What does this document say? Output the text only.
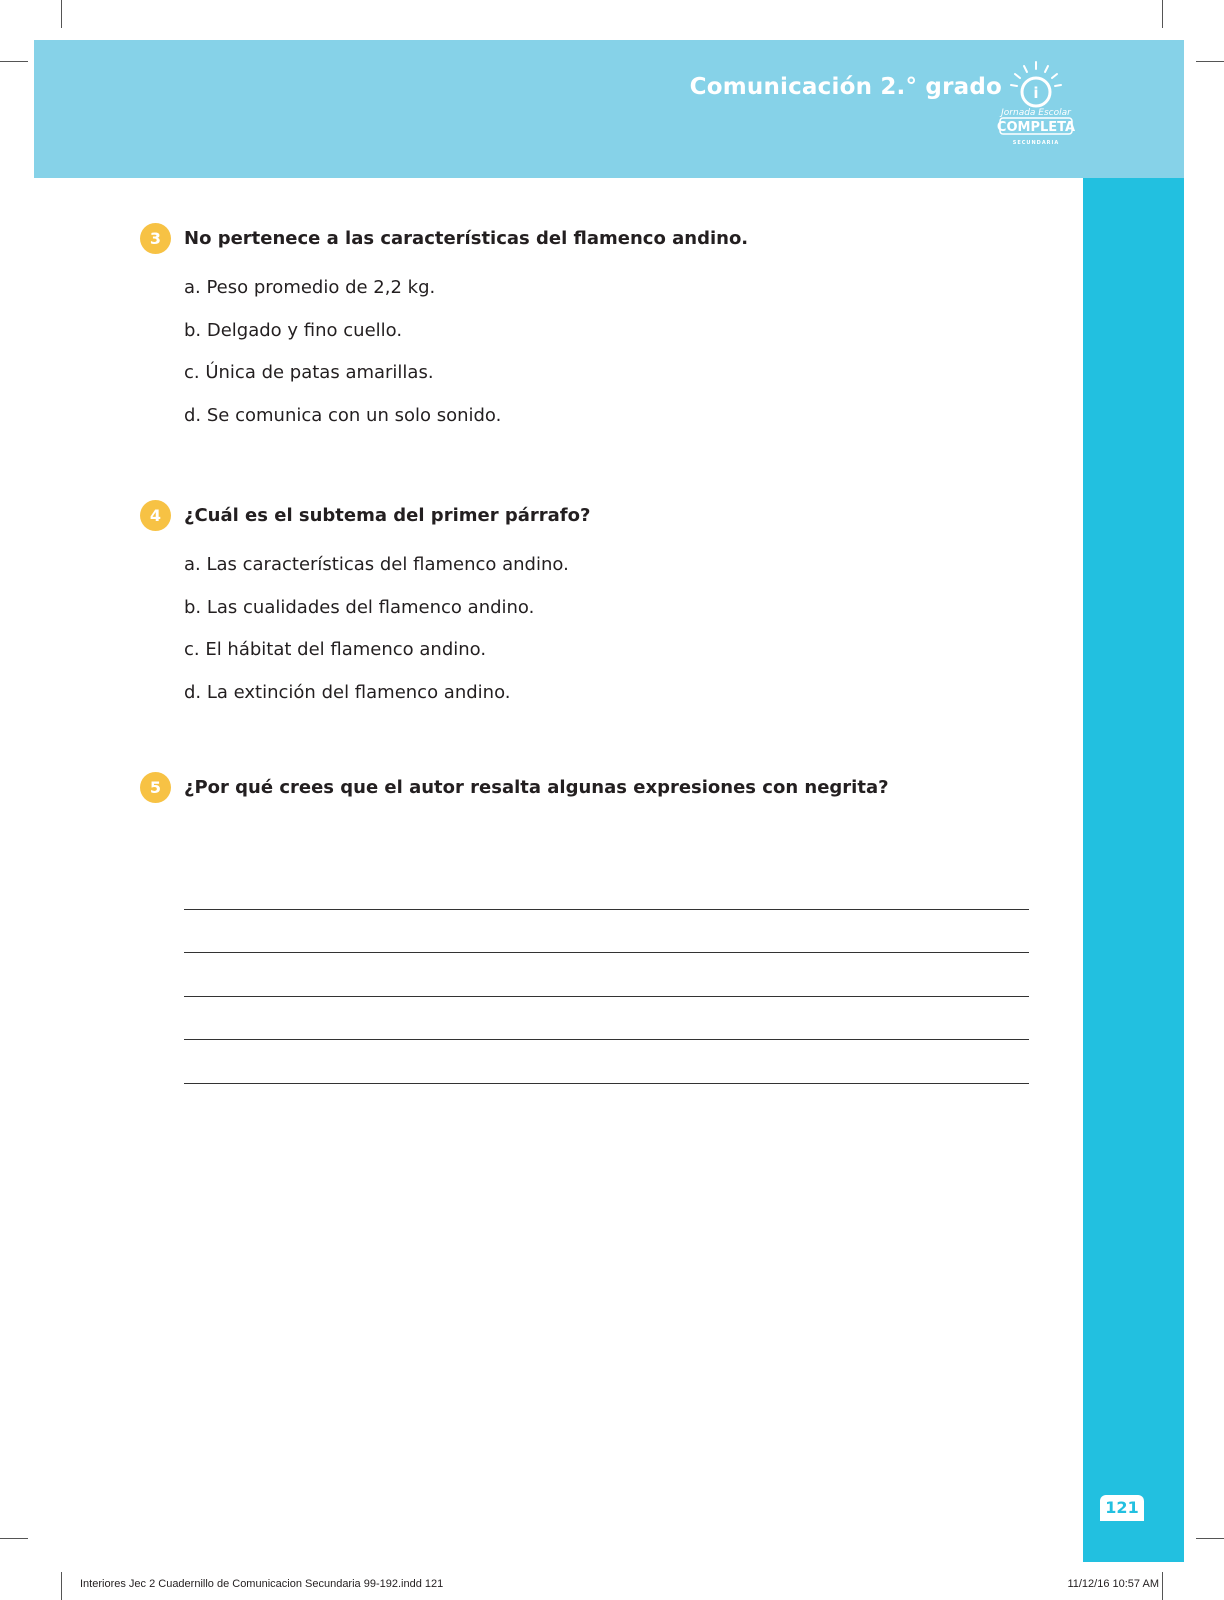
Comunicación 2.° grado i
Jornada Escolar
COMPLETA
SECUNDARIA
121
3	No pertenece a las características del flamenco andino.
a. Peso promedio de 2,2 kg.
b. Delgado y fino cuello.
c. Única de patas amarillas.
d. Se comunica con un solo sonido.
4	¿Cuál es el subtema del primer párrafo?
a. Las características del flamenco andino.
b. Las cualidades del flamenco andino.
c. El hábitat del flamenco andino.
d. La extinción del flamenco andino.
5	¿Por qué crees que el autor resalta algunas expresiones con negrita?
Interiores Jec 2 Cuadernillo de Comunicacion Secundaria 99-192.indd 121	11/12/16 10:57 AM
